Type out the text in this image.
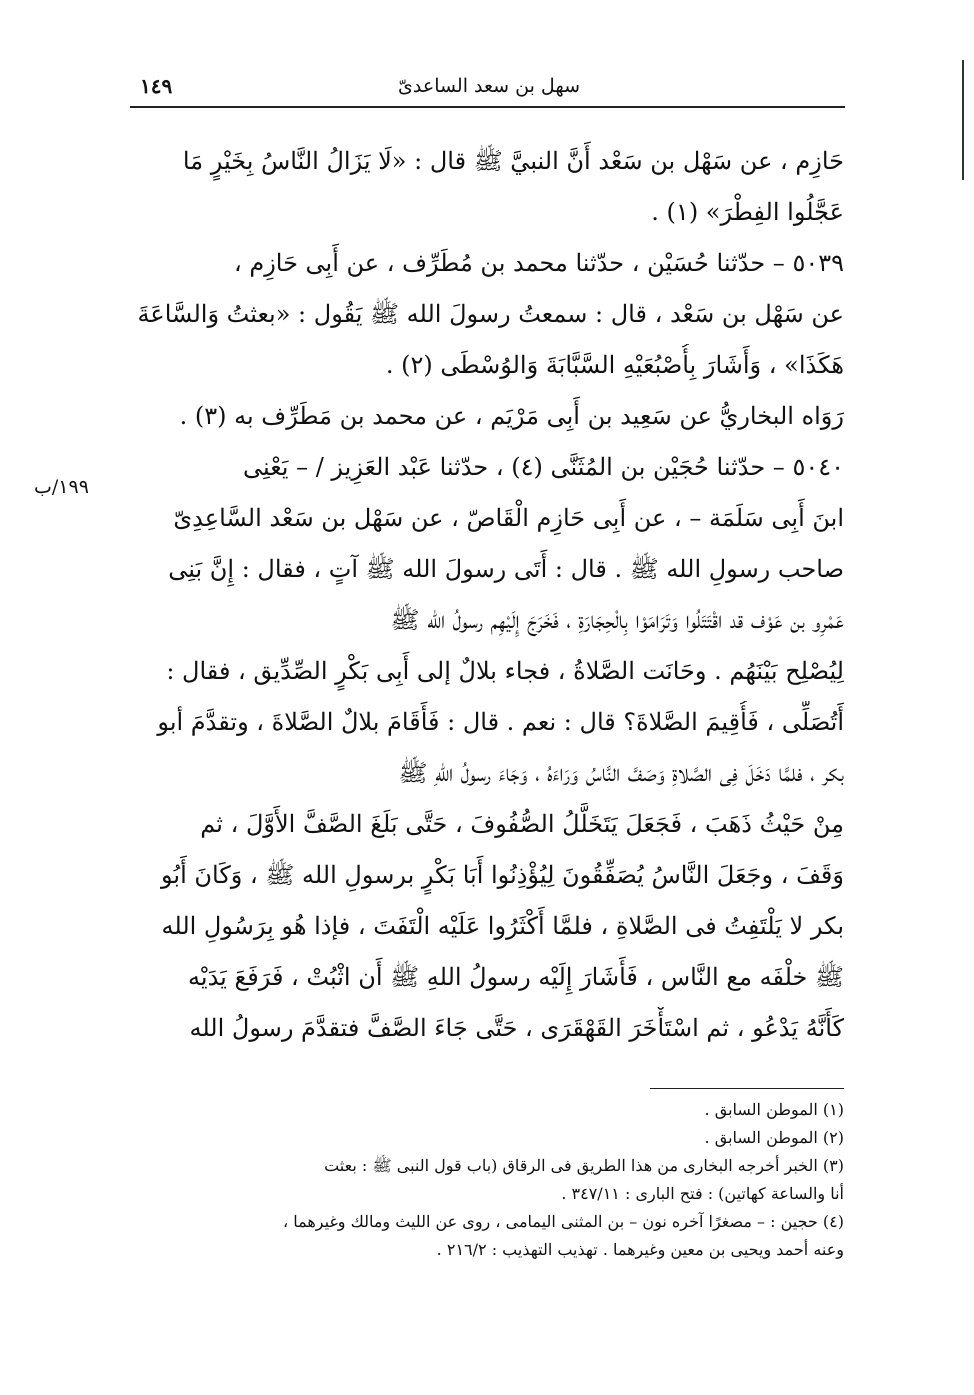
سهل بن سعد الساعدىّ
١٤٩
١٩٩/ب
حَازِم ، عن سَهْل بن سَعْد أَنَّ النبيَّ ﷺ قال : «لَا يَزَالُ النَّاسُ بِخَيْرٍ مَا
عَجَّلُوا الفِطْرَ» (١) .
٥٠٣٩ – حدّثنا حُسَيْن ، حدّثنا محمد بن مُطَرِّف ، عن أَبِى حَازِم ،
عن سَهْل بن سَعْد ، قال : سمعتُ رسولَ الله ﷺ يَقُول : «بعثتُ وَالسَّاعَةَ
هَكَذَا» ، وَأَشَارَ بِأُصْبُعَيْهِ السَّبَّابَةَ وَالوُسْطَى (٢) .
رَوَاه البخاريُّ عن سَعِيد بن أَبِى مَرْيَم ، عن محمد بن مَطَرِّف به (٣) .
٥٠٤٠ – حدّثنا حُجَيْن بن المُثَنَّى (٤) ، حدّثنا عَبْد العَزِيز / – يَعْنِى
ابنَ أَبِى سَلَمَة – ، عن أَبِى حَازِم الْقَاصّ ، عن سَهْل بن سَعْد السَّاعِدِىّ
صاحب رسولِ الله ﷺ . قال : أَتَى رسولَ الله ﷺ آتٍ ، فقال : إِنَّ بَنِى
عَمْرِو بن عَوْف قد اقْتَتَلُوا وَتَرَامَوْا بِالْحِجَارَةِ ، فَخَرَجَ إِلَيْهِم رسولُ الله ﷺ
لِيُصْلِح بَيْنَهُم . وحَانَت الصَّلاةُ ، فجاء بلالٌ إلى أَبِى بَكْرٍ الصِّدِّيق ، فقال :
أَتُصَلِّى ، فَأُقِيمَ الصَّلاةَ؟ قال : نعم . قال : فَأَقَامَ بلالٌ الصَّلاةَ ، وتقدَّمَ أبو
بكر ، فلمَّا دَخَلَ فِى الصَّلاةِ وَصَفَّ النَّاسُ وَرَاءَهُ ، وَجَاءَ رسولُ اللهِ ﷺ
مِنْ حَيْثُ ذَهَبَ ، فَجَعَلَ يَتَخَلَّلُ الصُّفُوفَ ، حَتَّى بَلَغَ الصَّفَّ الأَوَّلَ ، ثم
وَقَفَ ، وجَعَلَ النَّاسُ يُصَفِّقُونَ لِيُؤْذِنُوا أَبَا بَكْرٍ برسولِ الله ﷺ ، وَكَانَ أَبُو
بكر لا يَلْتَفِتُ فى الصَّلاةِ ، فلمَّا أَكْثَرُوا عَلَيْه الْتَفَتَ ، فإذا هُو بِرَسُولِ الله
ﷺ خلْفَه مع النَّاس ، فَأَشَارَ إِلَيْه رسولُ اللهِ ﷺ أَن اثْبُتْ ، فَرَفَعَ يَدَيْه
كَأَنَّهُ يَدْعُو ، ثم اسْتَأْخَرَ القَهْقَرَى ، حَتَّى جَاءَ الصَّفَّ فتقدَّمَ رسولُ الله
(١) الموطن السابق .
(٢) الموطن السابق .
(٣) الخبر أخرجه البخارى من هذا الطريق فى الرقاق (باب قول النبى ﷺ : بعثت
أنا والساعة كهاتين) : فتح البارى : ٣٤٧/١١ .
(٤) حجين : – مصغرًا آخره نون – بن المثنى اليمامى ، روى عن الليث ومالك وغيرهما ،
وعنه أحمد ويحيى بن معين وغيرهما . تهذيب التهذيب : ٢١٦/٢ .
